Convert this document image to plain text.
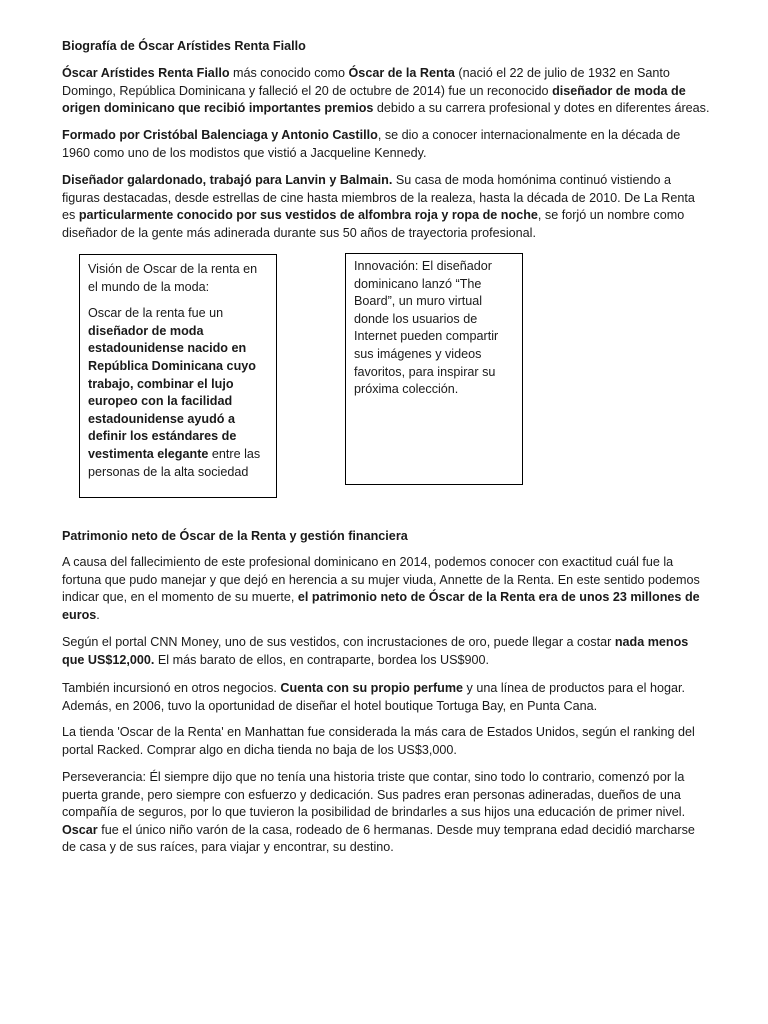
Biografía de Óscar Arístides Renta Fiallo

Óscar Arístides Renta Fiallo más conocido como Óscar de la Renta (nació el 22 de julio de 1932 en Santo Domingo, República Dominicana y falleció el 20 de octubre de 2014) fue un reconocido diseñador de moda de origen dominicano que recibió importantes premios debido a su carrera profesional y dotes en diferentes áreas.

Formado por Cristóbal Balenciaga y Antonio Castillo, se dio a conocer internacionalmente en la década de 1960 como uno de los modistos que vistió a Jacqueline Kennedy.

Diseñador galardonado, trabajó para Lanvin y Balmain. Su casa de moda homónima continuó vistiendo a figuras destacadas, desde estrellas de cine hasta miembros de la realeza, hasta la década de 2010. De La Renta es particularmente conocido por sus vestidos de alfombra roja y ropa de noche, se forjó un nombre como diseñador de la gente más adinerada durante sus 50 años de trayectoria profesional.

Visión de Oscar de la renta en el mundo de la moda:

Oscar de la renta fue un diseñador de moda estadounidense nacido en República Dominicana cuyo trabajo, combinar el lujo europeo con la facilidad estadounidense ayudó a definir los estándares de vestimenta elegante entre las personas de la alta sociedad

Innovación: El diseñador dominicano lanzó “The Board”, un muro virtual donde los usuarios de Internet pueden compartir sus imágenes y videos favoritos, para inspirar su próxima colección.

Patrimonio neto de Óscar de la Renta y gestión financiera

A causa del fallecimiento de este profesional dominicano en 2014, podemos conocer con exactitud cuál fue la fortuna que pudo manejar y que dejó en herencia a su mujer viuda, Annette de la Renta. En este sentido podemos indicar que, en el momento de su muerte, el patrimonio neto de Óscar de la Renta era de unos 23 millones de euros.

Según el portal CNN Money, uno de sus vestidos, con incrustaciones de oro, puede llegar a costar nada menos que US$12,000. El más barato de ellos, en contraparte, bordea los US$900.

También incursionó en otros negocios. Cuenta con su propio perfume y una línea de productos para el hogar. Además, en 2006, tuvo la oportunidad de diseñar el hotel boutique Tortuga Bay, en Punta Cana.

La tienda 'Oscar de la Renta' en Manhattan fue considerada la más cara de Estados Unidos, según el ranking del portal Racked. Comprar algo en dicha tienda no baja de los US$3,000.

Perseverancia: Él siempre dijo que no tenía una historia triste que contar, sino todo lo contrario, comenzó por la puerta grande, pero siempre con esfuerzo y dedicación. Sus padres eran personas adineradas, dueños de una compañía de seguros, por lo que tuvieron la posibilidad de brindarles a sus hijos una educación de primer nivel. Oscar fue el único niño varón de la casa, rodeado de 6 hermanas. Desde muy temprana edad decidió marcharse de casa y de sus raíces, para viajar y encontrar, su destino.
